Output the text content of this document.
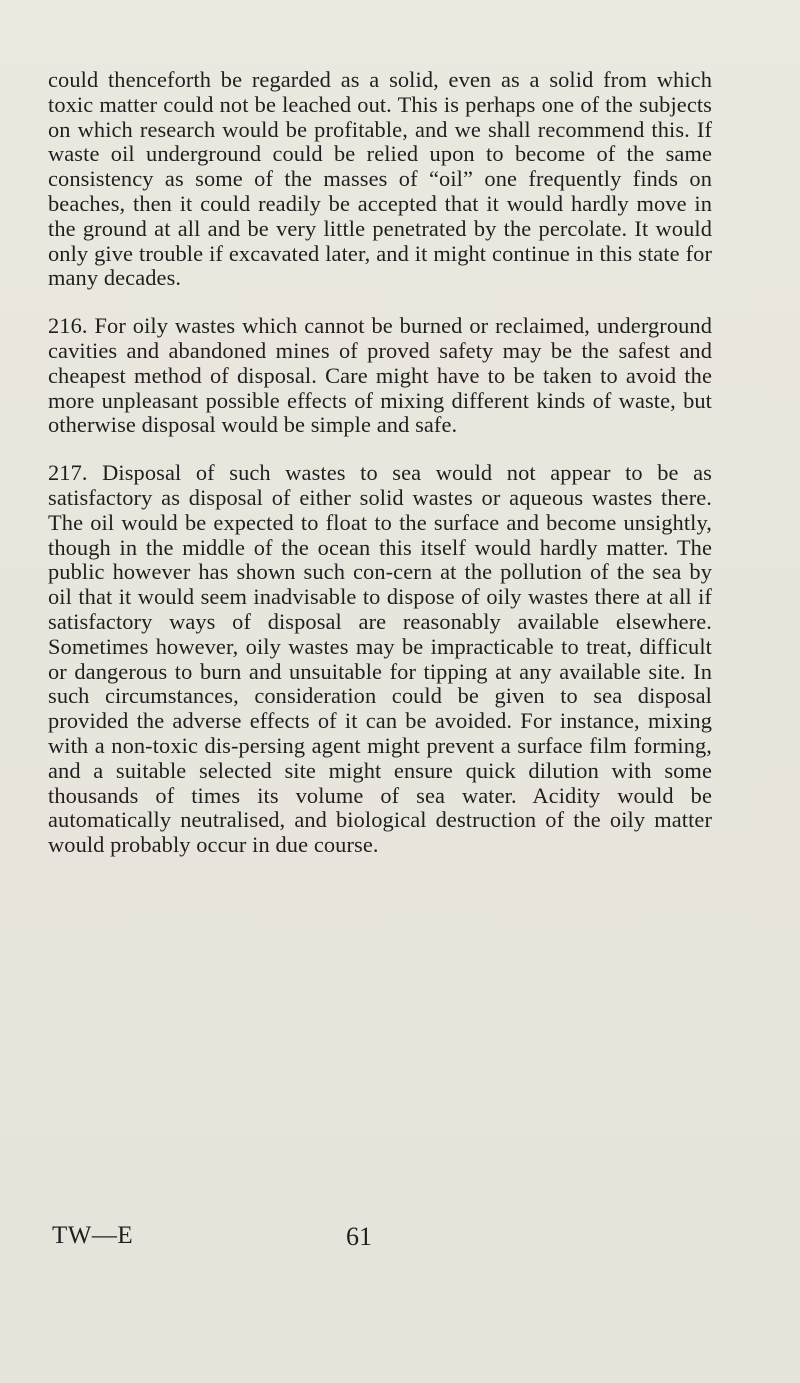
could thenceforth be regarded as a solid, even as a solid from which toxic matter could not be leached out. This is perhaps one of the subjects on which research would be profitable, and we shall recommend this. If waste oil underground could be relied upon to become of the same consistency as some of the masses of “oil” one frequently finds on beaches, then it could readily be accepted that it would hardly move in the ground at all and be very little penetrated by the percolate. It would only give trouble if excavated later, and it might continue in this state for many decades.

216. For oily wastes which cannot be burned or reclaimed, underground cavities and abandoned mines of proved safety may be the safest and cheapest method of disposal. Care might have to be taken to avoid the more unpleasant possible effects of mixing different kinds of waste, but otherwise disposal would be simple and safe.

217. Disposal of such wastes to sea would not appear to be as satisfactory as disposal of either solid wastes or aqueous wastes there. The oil would be expected to float to the surface and become unsightly, though in the middle of the ocean this itself would hardly matter. The public however has shown such con-cern at the pollution of the sea by oil that it would seem inadvisable to dispose of oily wastes there at all if satisfactory ways of disposal are reasonably available elsewhere. Sometimes however, oily wastes may be impracticable to treat, difficult or dangerous to burn and unsuitable for tipping at any available site. In such circumstances, consideration could be given to sea disposal provided the adverse effects of it can be avoided. For instance, mixing with a non-toxic dis-persing agent might prevent a surface film forming, and a suitable selected site might ensure quick dilution with some thousands of times its volume of sea water. Acidity would be automatically neutralised, and biological destruction of the oily matter would probably occur in due course.

TW—E	61
